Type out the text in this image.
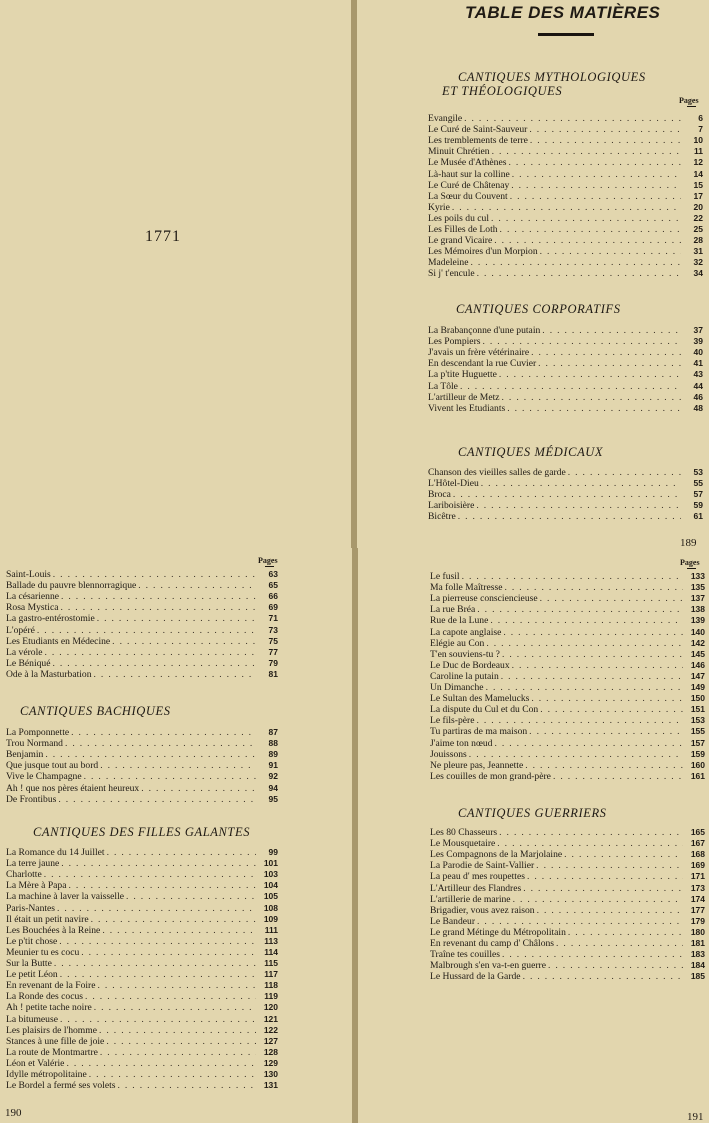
1771
TABLE DES MATIÈRES
CANTIQUES MYTHOLOGIQUES
ET THÉOLOGIQUES
Pages
Evangile . . .	6
Le Curé de Saint-Sauveur . . .	7
Les tremblements de terre . . .	10
Minuit Chrétien . . .	11
Le Musée d'Athènes . . .	12
Là-haut sur la colline . . .	14
Le Curé de Châtenay . . .	15
La Sœur du Couvent . . .	17
Kyrie . . .	20
Les poils du cul . . .	22
Les Filles de Loth . . .	25
Le grand Vicaire . . .	28
Les Mémoires d'un Morpion . . .	31
Madeleine . . .	32
Si j' t'encule . . .	34
CANTIQUES CORPORATIFS
La Brabançonne d'une putain . . .	37
Les Pompiers . . .	39
J'avais un frère vétérinaire . . .	40
En descendant la rue Cuvier . . .	41
La p'tite Huguette . . .	43
La Tôle . . .	44
L'artilleur de Metz . . .	46
Vivent les Etudiants . . .	48
CANTIQUES MÉDICAUX
Chanson des vieilles salles de garde . . .	53
L'Hôtel-Dieu . . .	55
Broca . . .	57
Lariboisière . . .	59
Bicêtre . . .	61
189
Pages
Saint-Louis . . .	63
Ballade du pauvre blennorragique . . .	65
La césarienne . . .	66
Rosa Mystica . . .	69
La gastro-entérostomie . . .	71
L'opéré . . .	73
Les Etudiants en Médecine . . .	75
La vérole . . .	77
Le Béniqué . . .	79
Ode à la Masturbation . . .	81
CANTIQUES BACHIQUES
La Pomponnette . . .	87
Trou Normand . . .	88
Benjamin . . .	89
Que jusque tout au bord . . .	91
Vive le Champagne . . .	92
Ah ! que nos pères étaient heureux . . .	94
De Frontibus . . .	95
CANTIQUES DES FILLES GALANTES
La Romance du 14 Juillet . . .	99
La terre jaune . . .	101
Charlotte . . .	103
La Mère à Papa . . .	104
La machine à laver la vaisselle . . .	105
Paris-Nantes . . .	108
Il était un petit navire . . .	109
Les Bouchées à la Reine . . .	111
Le p'tit chose . . .	113
Meunier tu es cocu . . .	114
Sur la Butte . . .	115
Le petit Léon . . .	117
En revenant de la Foire . . .	118
La Ronde des cocus . . .	119
Ah ! petite tache noire . . .	120
La bitumeuse . . .	121
Les plaisirs de l'homme . . .	122
Stances à une fille de joie . . .	127
La route de Montmartre . . .	128
Léon et Valérie . . .	129
Idylle métropolitaine . . .	130
Le Bordel a fermé ses volets . . .	131
190
Pages
Le fusil . . .	133
Ma folle Maîtresse . . .	135
La pierreuse consciencieuse . . .	137
La rue Bréa . . .	138
Rue de la Lune . . .	139
La capote anglaise . . .	140
Elégie au Con . . .	142
T'en souviens-tu ? . . .	145
Le Duc de Bordeaux . . .	146
Caroline la putain . . .	147
Un Dimanche . . .	149
Le Sultan des Mamelucks . . .	150
La dispute du Cul et du Con . . .	151
Le fils-père . . .	153
Tu partiras de ma maison . . .	155
J'aime ton nœud . . .	157
Jouissons . . .	159
Ne pleure pas, Jeannette . . .	160
Les couilles de mon grand-père . . .	161
CANTIQUES GUERRIERS
Les 80 Chasseurs . . .	165
Le Mousquetaire . . .	167
Les Compagnons de la Marjolaine . . .	168
La Parodie de Saint-Vallier . . .	169
La peau d' mes roupettes . . .	171
L'Artilleur des Flandres . . .	173
L'artillerie de marine . . .	174
Brigadier, vous avez raison . . .	177
Le Bandeur . . .	179
Le grand Métinge du Métropolitain . . .	180
En revenant du camp d' Châlons . . .	181
Traîne tes couilles . . .	183
Malbrough s'en va-t-en guerre . . .	184
Le Hussard de la Garde . . .	185
191
